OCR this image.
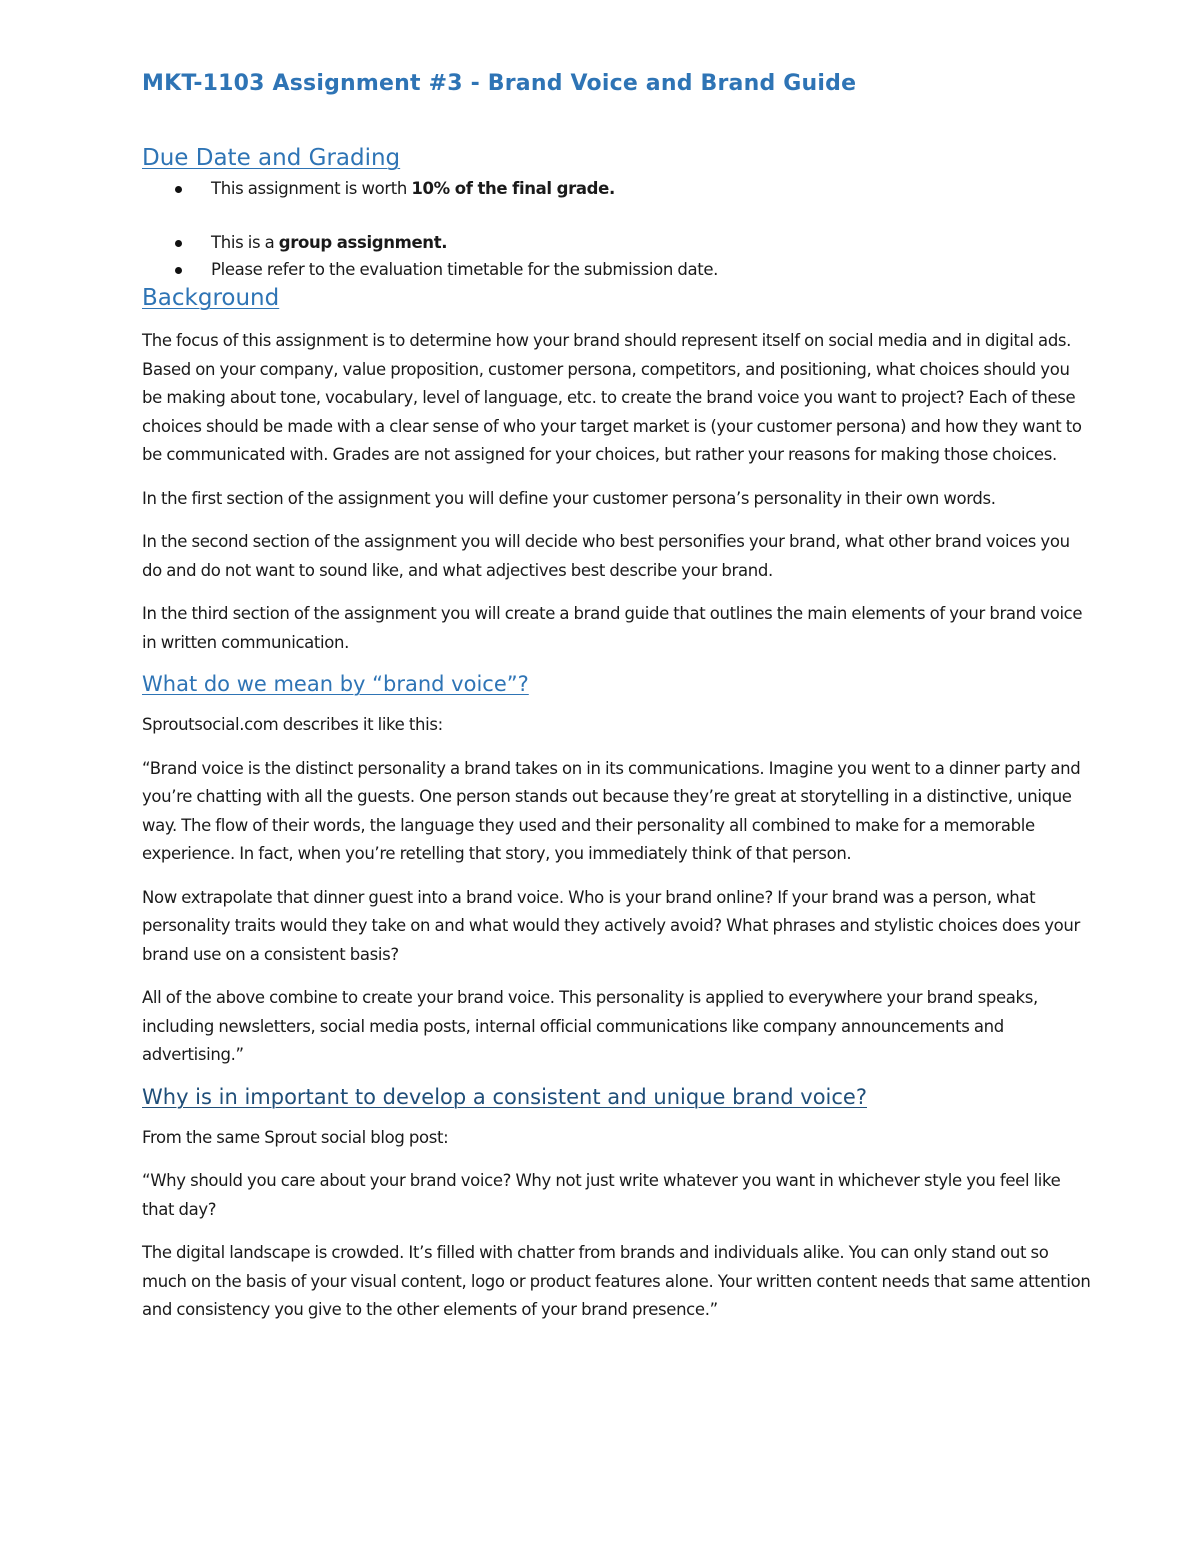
MKT-1103 Assignment #3 - Brand Voice and Brand Guide
Due Date and Grading
This assignment is worth 10% of the final grade.
This is a group assignment.
Please refer to the evaluation timetable for the submission date.
Background

The focus of this assignment is to determine how your brand should represent itself on social media and in digital ads. Based on your company, value proposition, customer persona, competitors, and positioning, what choices should you be making about tone, vocabulary, level of language, etc. to create the brand voice you want to project? Each of these choices should be made with a clear sense of who your target market is (your customer persona) and how they want to be communicated with. Grades are not assigned for your choices, but rather your reasons for making those choices.

In the first section of the assignment you will define your customer persona’s personality in their own words.

In the second section of the assignment you will decide who best personifies your brand, what other brand voices you do and do not want to sound like, and what adjectives best describe your brand.

In the third section of the assignment you will create a brand guide that outlines the main elements of your brand voice in written communication.

What do we mean by “brand voice”?

Sproutsocial.com describes it like this:

“Brand voice is the distinct personality a brand takes on in its communications. Imagine you went to a dinner party and you’re chatting with all the guests. One person stands out because they’re great at storytelling in a distinctive, unique way. The flow of their words, the language they used and their personality all combined to make for a memorable experience. In fact, when you’re retelling that story, you immediately think of that person.

Now extrapolate that dinner guest into a brand voice. Who is your brand online? If your brand was a person, what personality traits would they take on and what would they actively avoid? What phrases and stylistic choices does your brand use on a consistent basis?

All of the above combine to create your brand voice. This personality is applied to everywhere your brand speaks, including newsletters, social media posts, internal official communications like company announcements and advertising.”

Why is in important to develop a consistent and unique brand voice?

From the same Sprout social blog post:

“Why should you care about your brand voice? Why not just write whatever you want in whichever style you feel like that day?

The digital landscape is crowded. It’s filled with chatter from brands and individuals alike. You can only stand out so much on the basis of your visual content, logo or product features alone. Your written content needs that same attention and consistency you give to the other elements of your brand presence.”
